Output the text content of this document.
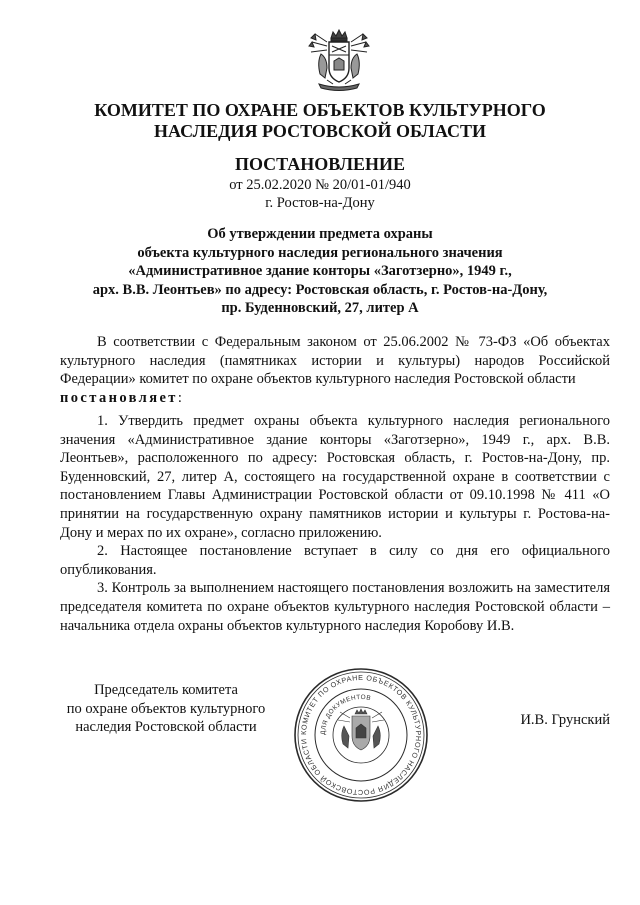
КОМИТЕТ ПО ОХРАНЕ ОБЪЕКТОВ КУЛЬТУРНОГО
НАСЛЕДИЯ РОСТОВСКОЙ ОБЛАСТИ
ПОСТАНОВЛЕНИЕ
от 25.02.2020 № 20/01-01/940
г. Ростов-на-Дону
Об утверждении предмета охраны
объекта культурного наследия регионального значения
«Административное здание конторы «Заготзерно», 1949 г.,
арх. В.В. Леонтьев» по адресу: Ростовская область, г. Ростов-на-Дону,
пр. Буденновский, 27, литер А

В соответствии с Федеральным законом от 25.06.2002 № 73-ФЗ «Об объектах культурного наследия (памятниках истории и культуры) народов Российской Федерации» комитет по охране объектов культурного наследия Ростовской области

постановляет:

1. Утвердить предмет охраны объекта культурного наследия регионального значения «Административное здание конторы «Заготзерно», 1949 г., арх. В.В. Леонтьев», расположенного по адресу: Ростовская область, г. Ростов-на-Дону, пр. Буденновский, 27, литер А, состоящего на государственной охране в соответствии с постановлением Главы Администрации Ростовской области от 09.10.1998 № 411 «О принятии на государственную охрану памятников истории и культуры г. Ростова-на-Дону и мерах по их охране», согласно приложению.

2. Настоящее постановление вступает в силу со дня его официального опубликования.

3. Контроль за выполнением настоящего постановления возложить на заместителя председателя комитета по охране объектов культурного наследия Ростовской области – начальника отдела охраны объектов культурного наследия Коробову И.В.

Председатель комитета
по охране объектов культурного
наследия Ростовской области	КОМИТЕТ ПО ОХРАНЕ ОБЪЕКТОВ КУЛЬТУРНОГО НАСЛЕДИЯ РОСТОВСКОЙ ОБЛАСТИ
ДЛЯ ДОКУМЕНТОВ
И.В. Грунский
